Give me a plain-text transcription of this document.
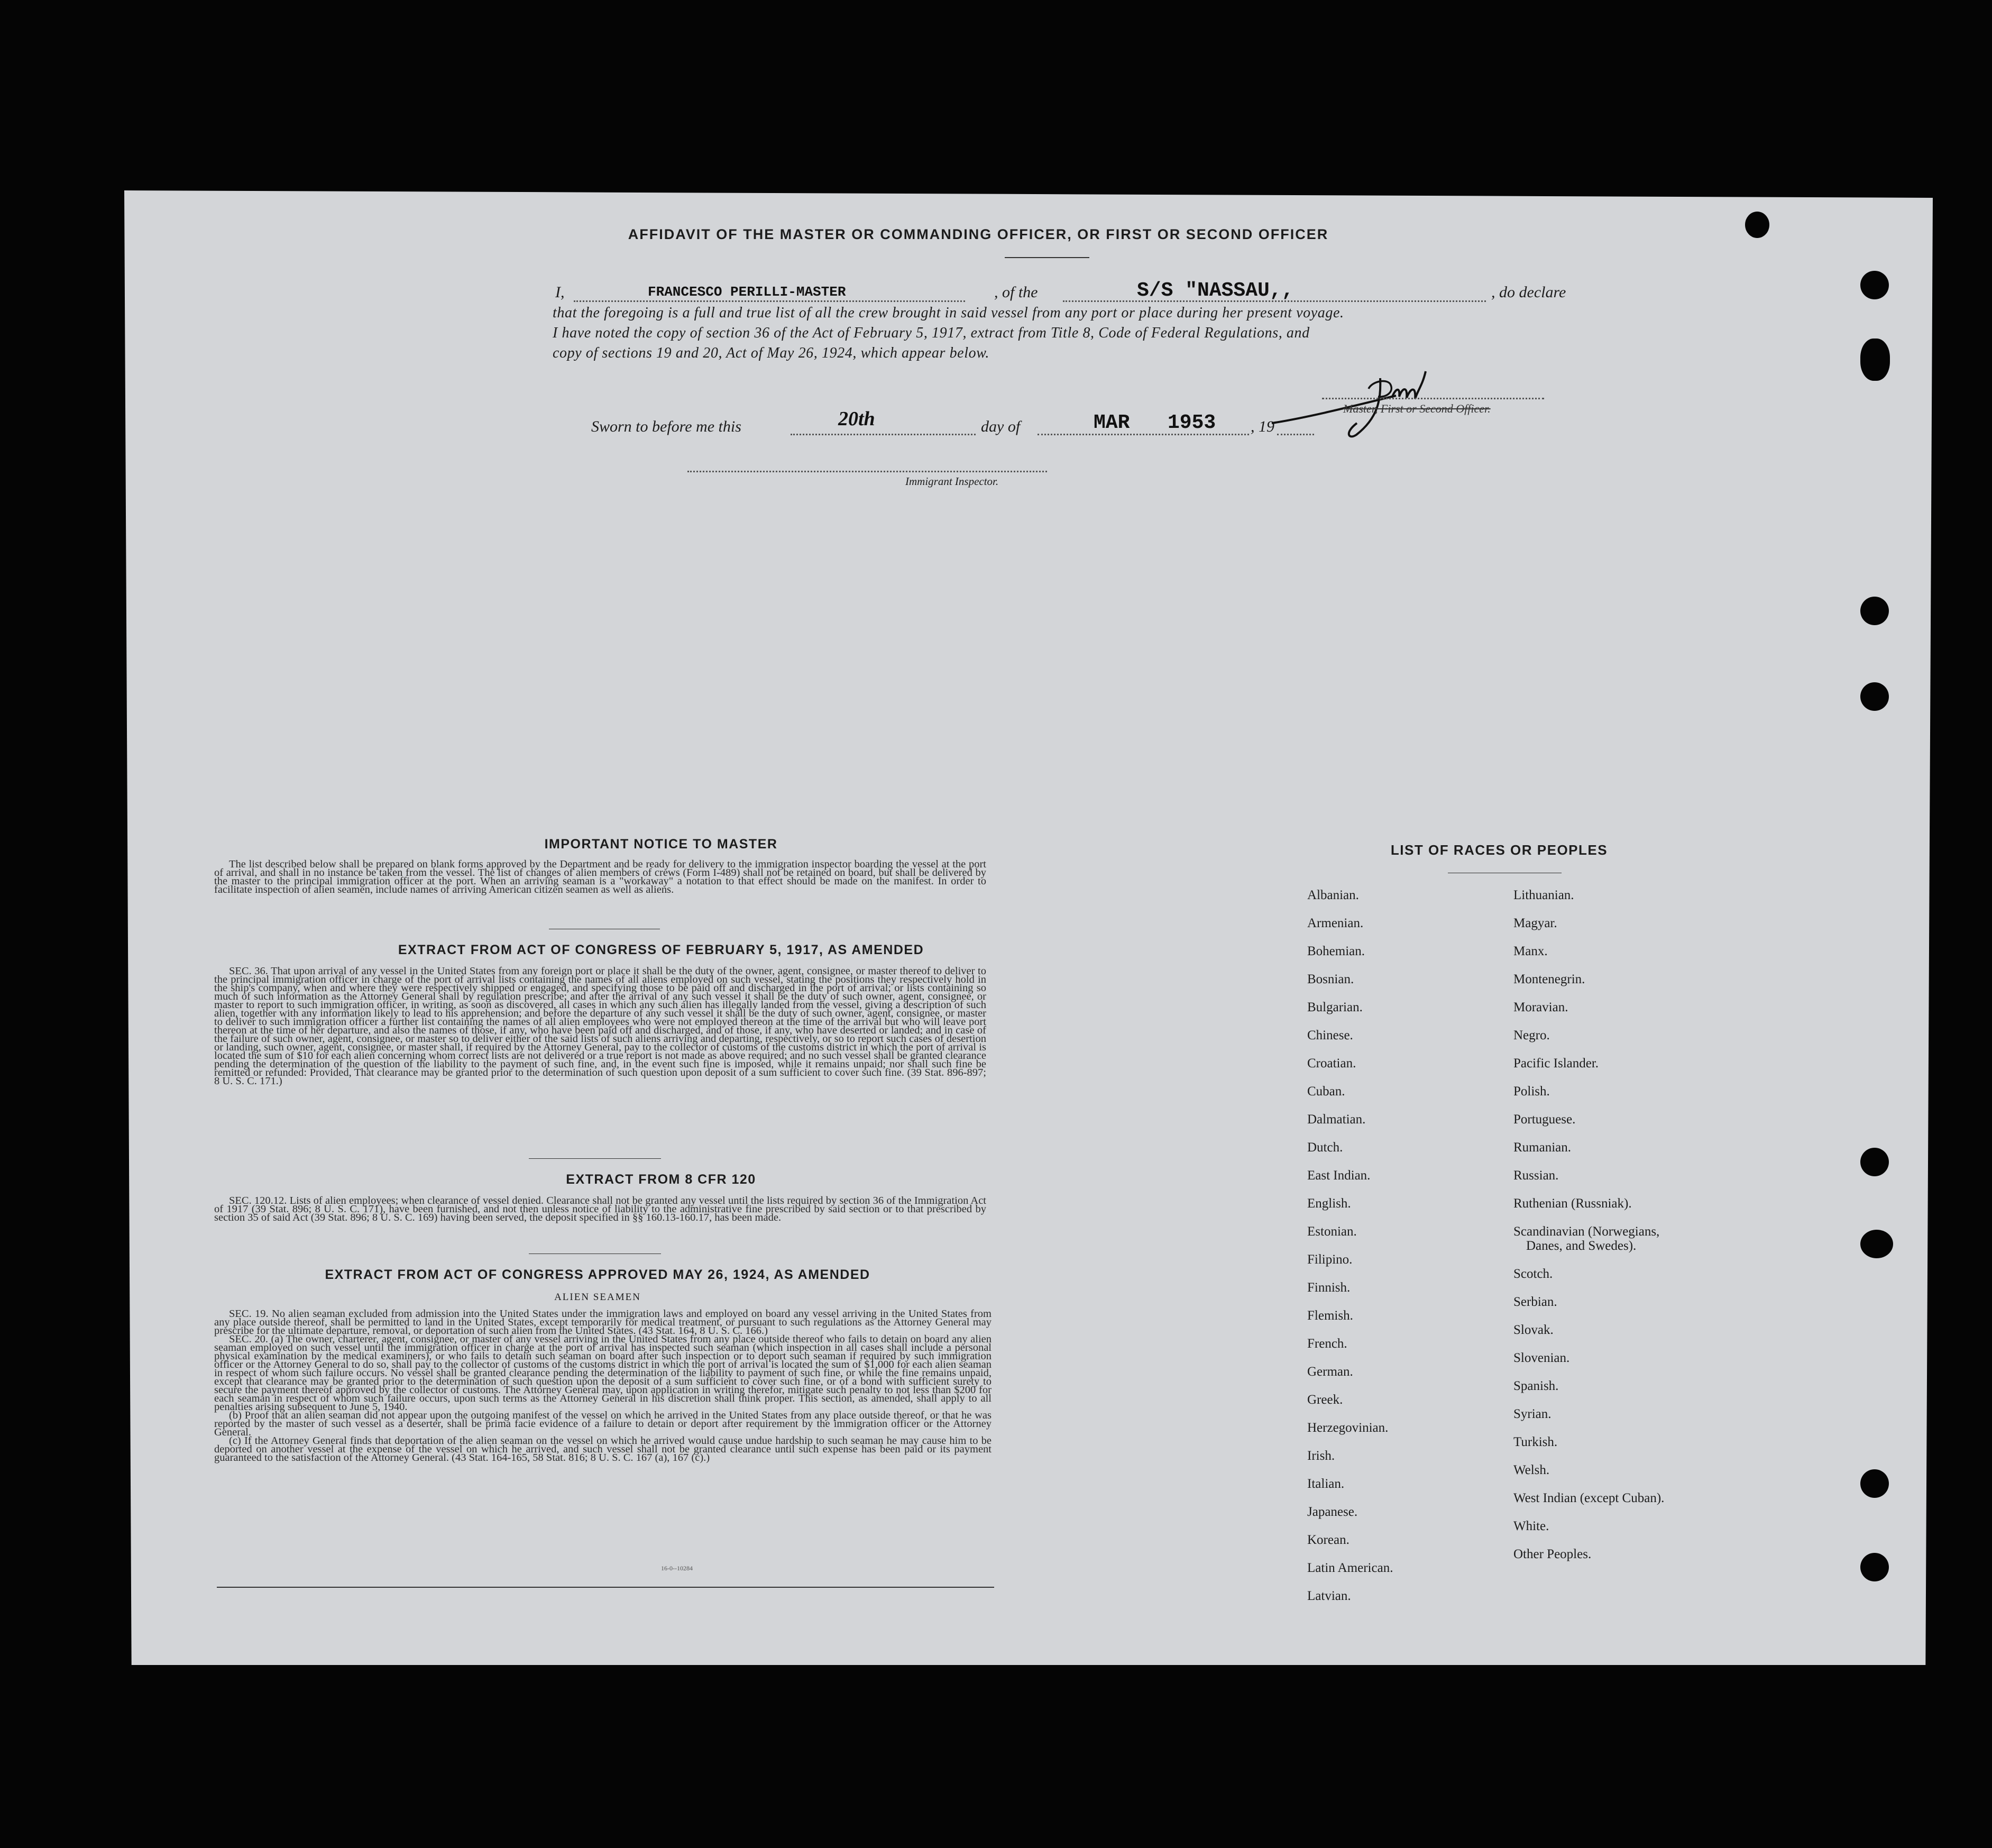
AFFIDAVIT OF THE MASTER OR COMMANDING OFFICER, OR FIRST OR SECOND OFFICER
I,	FRANCESCO PERILLI-MASTER	, of the	S/S "NASSAU,,	, do declare
that the foregoing is a full and true list of all the crew brought in said vessel from any port or place during her present voyage.
I have noted the copy of section 36 of the Act of February 5, 1917, extract from Title 8, Code of Federal Regulations, and
copy of sections 19 and 20, Act of May 26, 1924, which appear below.
Sworn to before me this	20th	day of	MAR 1953 , 19
Master, First or Second Officer.
Immigrant Inspector.
IMPORTANT NOTICE TO MASTER

The list described below shall be prepared on blank forms approved by the Department and be ready for delivery to the immigration inspector boarding the vessel at the port of arrival, and shall in no instance be taken from the vessel. The list of changes of alien members of crews (Form I-489) shall not be retained on board, but shall be delivered by the master to the principal immigration officer at the port. When an arriving seaman is a "workaway" a notation to that effect should be made on the manifest. In order to facilitate inspection of alien seamen, include names of arriving American citizen seamen as well as aliens.

EXTRACT FROM ACT OF CONGRESS OF FEBRUARY 5, 1917, AS AMENDED

SEC. 36. That upon arrival of any vessel in the United States from any foreign port or place it shall be the duty of the owner, agent, consignee, or master thereof to deliver to the principal immigration officer in charge of the port of arrival lists containing the names of all aliens employed on such vessel, stating the positions they respectively hold in the ship's company, when and where they were respectively shipped or engaged, and specifying those to be paid off and discharged in the port of arrival; or lists containing so much of such information as the Attorney General shall by regulation prescribe; and after the arrival of any such vessel it shall be the duty of such owner, agent, consignee, or master to report to such immigration officer, in writing, as soon as discovered, all cases in which any such alien has illegally landed from the vessel, giving a description of such alien, together with any information likely to lead to his apprehension; and before the departure of any such vessel it shall be the duty of such owner, agent, consignee, or master to deliver to such immigration officer a further list containing the names of all alien employees who were not employed thereon at the time of the arrival but who will leave port thereon at the time of her departure, and also the names of those, if any, who have been paid off and discharged, and of those, if any, who have deserted or landed; and in case of the failure of such owner, agent, consignee, or master so to deliver either of the said lists of such aliens arriving and departing, respectively, or so to report such cases of desertion or landing, such owner, agent, consignee, or master shall, if required by the Attorney General, pay to the collector of customs of the customs district in which the port of arrival is located the sum of $10 for each alien concerning whom correct lists are not delivered or a true report is not made as above required; and no such vessel shall be granted clearance pending the determination of the question of the liability to the payment of such fine, and, in the event such fine is imposed, while it remains unpaid; nor shall such fine be remitted or refunded: Provided, That clearance may be granted prior to the determination of such question upon deposit of a sum sufficient to cover such fine. (39 Stat. 896-897; 8 U. S. C. 171.)

EXTRACT FROM 8 CFR 120

SEC. 120.12. Lists of alien employees; when clearance of vessel denied. Clearance shall not be granted any vessel until the lists required by section 36 of the Immigration Act of 1917 (39 Stat. 896; 8 U. S. C. 171), have been furnished, and not then unless notice of liability to the administrative fine prescribed by said section or to that prescribed by section 35 of said Act (39 Stat. 896; 8 U. S. C. 169) having been served, the deposit specified in §§ 160.13-160.17, has been made.

EXTRACT FROM ACT OF CONGRESS APPROVED MAY 26, 1924, AS AMENDED
ALIEN SEAMEN

SEC. 19. No alien seaman excluded from admission into the United States under the immigration laws and employed on board any vessel arriving in the United States from any place outside thereof, shall be permitted to land in the United States, except temporarily for medical treatment, or pursuant to such regulations as the Attorney General may prescribe for the ultimate departure, removal, or deportation of such alien from the United States. (43 Stat. 164, 8 U. S. C. 166.)

SEC. 20. (a) The owner, charterer, agent, consignee, or master of any vessel arriving in the United States from any place outside thereof who fails to detain on board any alien seaman employed on such vessel until the immigration officer in charge at the port of arrival has inspected such seaman (which inspection in all cases shall include a personal physical examination by the medical examiners), or who fails to detain such seaman on board after such inspection or to deport such seaman if required by such immigration officer or the Attorney General to do so, shall pay to the collector of customs of the customs district in which the port of arrival is located the sum of $1,000 for each alien seaman in respect of whom such failure occurs. No vessel shall be granted clearance pending the determination of the liability to payment of such fine, or while the fine remains unpaid, except that clearance may be granted prior to the determination of such question upon the deposit of a sum sufficient to cover such fine, or of a bond with sufficient surety to secure the payment thereof approved by the collector of customs. The Attorney General may, upon application in writing therefor, mitigate such penalty to not less than $200 for each seaman in respect of whom such failure occurs, upon such terms as the Attorney General in his discretion shall think proper. This section, as amended, shall apply to all penalties arising subsequent to June 5, 1940.

(b) Proof that an alien seaman did not appear upon the outgoing manifest of the vessel on which he arrived in the United States from any place outside thereof, or that he was reported by the master of such vessel as a deserter, shall be prima facie evidence of a failure to detain or deport after requirement by the immigration officer or the Attorney General.

(c) If the Attorney General finds that deportation of the alien seaman on the vessel on which he arrived would cause undue hardship to such seaman he may cause him to be deported on another vessel at the expense of the vessel on which he arrived, and such vessel shall not be granted clearance until such expense has been paid or its payment guaranteed to the satisfaction of the Attorney General. (43 Stat. 164-165, 58 Stat. 816; 8 U. S. C. 167 (a), 167 (c).)

16-0--10284
LIST OF RACES OR PEOPLES
Albanian.
Armenian.
Bohemian.
Bosnian.
Bulgarian.
Chinese.
Croatian.
Cuban.
Dalmatian.
Dutch.
East Indian.
English.
Estonian.
Filipino.
Finnish.
Flemish.
French.
German.
Greek.
Herzegovinian.
Irish.
Italian.
Japanese.
Korean.
Latin American.
Latvian.
Lithuanian.
Magyar.
Manx.
Montenegrin.
Moravian.
Negro.
Pacific Islander.
Polish.
Portuguese.
Rumanian.
Russian.
Ruthenian (Russniak).
Scandinavian (Norwegians,
Danes, and Swedes).
Scotch.
Serbian.
Slovak.
Slovenian.
Spanish.
Syrian.
Turkish.
Welsh.
West Indian (except Cuban).
White.
Other Peoples.
